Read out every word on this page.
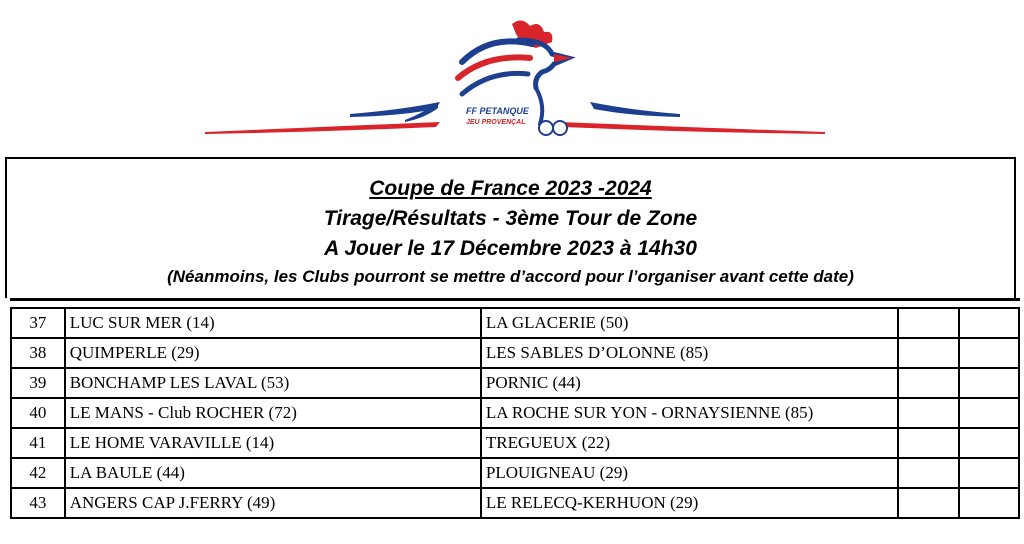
FF PETANQUE
JEU PROVENÇAL
Coupe de France 2023 -2024
Tirage/Résultats - 3ème Tour de Zone
A Jouer le 17 Décembre 2023 à 14h30
(Néanmoins, les Clubs pourront se mettre d’accord pour l’organiser avant cette date)
37	LUC SUR MER (14)	LA GLACERIE (50)		
38	QUIMPERLE (29)	LES SABLES D’OLONNE (85)		
39	BONCHAMP LES LAVAL (53)	PORNIC (44)		
40	LE MANS - Club ROCHER (72)	LA ROCHE SUR YON - ORNAYSIENNE (85)		
41	LE HOME VARAVILLE (14)	TREGUEUX (22)		
42	LA BAULE (44)	PLOUIGNEAU (29)		
43	ANGERS CAP J.FERRY (49)	LE RELECQ-KERHUON (29)		
